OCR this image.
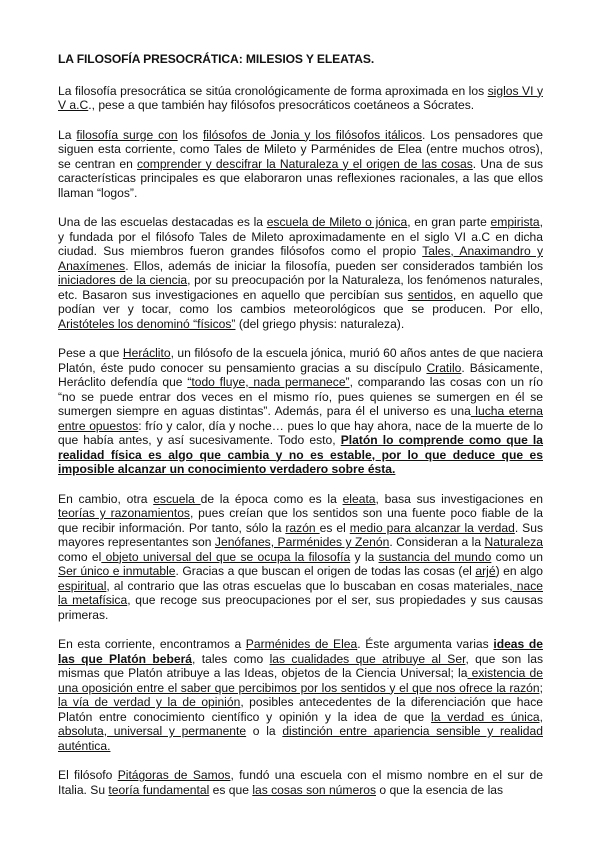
LA FILOSOFÍA PRESOCRÁTICA: MILESIOS Y ELEATAS.

La filosofía presocrática se sitúa cronológicamente de forma aproximada en los siglos VI y V a.C., pese a que también hay filósofos presocráticos coetáneos a Sócrates.

La filosofía surge con los filósofos de Jonia y los filósofos itálicos. Los pensadores que siguen esta corriente, como Tales de Mileto y Parménides de Elea (entre muchos otros), se centran en comprender y descifrar la Naturaleza y el origen de las cosas. Una de sus características principales es que elaboraron unas reflexiones racionales, a las que ellos llaman “logos”.

Una de las escuelas destacadas es la escuela de Mileto o jónica, en gran parte empirista, y fundada por el filósofo Tales de Mileto aproximadamente en el siglo VI a.C en dicha ciudad. Sus miembros fueron grandes filósofos como el propio Tales, Anaximandro y Anaxímenes. Ellos, además de iniciar la filosofía, pueden ser considerados también los iniciadores de la ciencia, por su preocupación por la Naturaleza, los fenómenos naturales, etc. Basaron sus investigaciones en aquello que percibían sus sentidos, en aquello que podían ver y tocar, como los cambios meteorológicos que se producen. Por ello, Aristóteles los denominó “físicos” (del griego physis: naturaleza).

Pese a que Heráclito, un filósofo de la escuela jónica, murió 60 años antes de que naciera Platón, éste pudo conocer su pensamiento gracias a su discípulo Cratilo. Básicamente, Heráclito defendía que “todo fluye, nada permanece”, comparando las cosas con un río “no se puede entrar dos veces en el mismo río, pues quienes se sumergen en él se sumergen siempre en aguas distintas”. Además, para él el universo es una lucha eterna entre opuestos: frío y calor, día y noche… pues lo que hay ahora, nace de la muerte de lo que había antes, y así sucesivamente. Todo esto, Platón lo comprende como que la realidad física es algo que cambia y no es estable, por lo que deduce que es imposible alcanzar un conocimiento verdadero sobre ésta.

En cambio, otra escuela de la época como es la eleata, basa sus investigaciones en teorías y razonamientos, pues creían que los sentidos son una fuente poco fiable de la que recibir información. Por tanto, sólo la razón es el medio para alcanzar la verdad. Sus mayores representantes son Jenófanes, Parménides y Zenón. Consideran a la Naturaleza como el objeto universal del que se ocupa la filosofía y la sustancia del mundo como un Ser único e inmutable. Gracias a que buscan el origen de todas las cosas (el arjé) en algo espiritual, al contrario que las otras escuelas que lo buscaban en cosas materiales, nace la metafísica, que recoge sus preocupaciones por el ser, sus propiedades y sus causas primeras.

En esta corriente, encontramos a Parménides de Elea. Éste argumenta varias ideas de las que Platón beberá, tales como las cualidades que atribuye al Ser, que son las mismas que Platón atribuye a las Ideas, objetos de la Ciencia Universal; la existencia de una oposición entre el saber que percibimos por los sentidos y el que nos ofrece la razón; la vía de verdad y la de opinión, posibles antecedentes de la diferenciación que hace Platón entre conocimiento científico y opinión y la idea de que la verdad es única, absoluta, universal y permanente o la distinción entre apariencia sensible y realidad auténtica.

El filósofo Pitágoras de Samos, fundó una escuela con el mismo nombre en el sur de Italia. Su teoría fundamental es que las cosas son números o que la esencia de las
